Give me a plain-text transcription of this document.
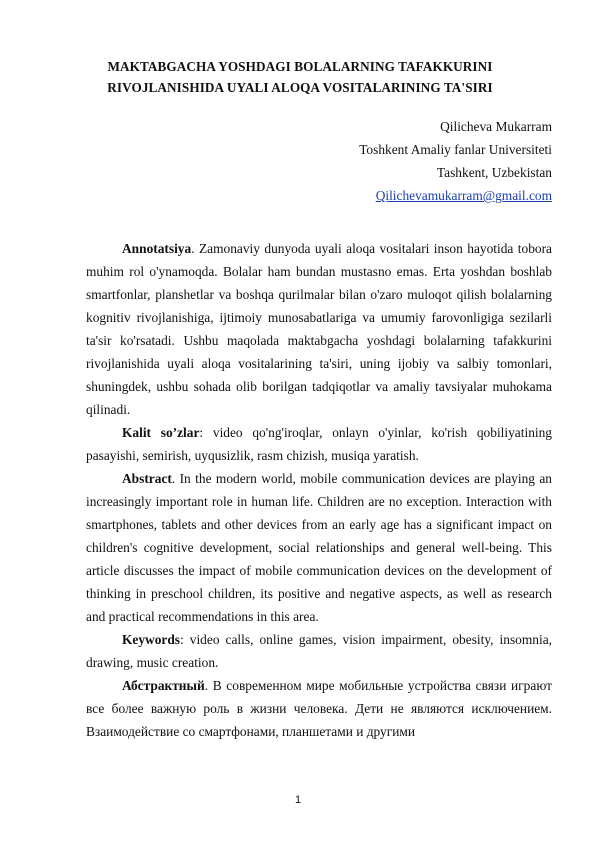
MAKTABGACHA YOSHDAGI BOLALARNING TAFAKKURINI
RIVOJLANISHIDA UYALI ALOQA VOSITALARINING TA'SIRI
Qilicheva Mukarram
Toshkent Amaliy fanlar Universiteti
Tashkent, Uzbekistan
Qilichevamukarram@gmail.com

Annotatsiya. Zamonaviy dunyoda uyali aloqa vositalari inson hayotida tobora muhim rol o'ynamoqda. Bolalar ham bundan mustasno emas. Erta yoshdan boshlab smartfonlar, planshetlar va boshqa qurilmalar bilan o'zaro muloqot qilish bolalarning kognitiv rivojlanishiga, ijtimoiy munosabatlariga va umumiy farovonligiga sezilarli ta'sir ko'rsatadi. Ushbu maqolada maktabgacha yoshdagi bolalarning tafakkurini rivojlanishida uyali aloqa vositalarining ta'siri, uning ijobiy va salbiy tomonlari, shuningdek, ushbu sohada olib borilgan tadqiqotlar va amaliy tavsiyalar muhokama qilinadi.

Kalit so’zlar: video qo'ng'iroqlar, onlayn o'yinlar, ko'rish qobiliyatining pasayishi, semirish, uyqusizlik, rasm chizish, musiqa yaratish.

Abstract. In the modern world, mobile communication devices are playing an increasingly important role in human life. Children are no exception. Interaction with smartphones, tablets and other devices from an early age has a significant impact on children's cognitive development, social relationships and general well-being. This article discusses the impact of mobile communication devices on the development of thinking in preschool children, its positive and negative aspects, as well as research and practical recommendations in this area.

Keywords: video calls, online games, vision impairment, obesity, insomnia, drawing, music creation.

Абстрактный. В современном мире мобильные устройства связи играют все более важную роль в жизни человека. Дети не являются исключением. Взаимодействие со смартфонами, планшетами и другими

1
